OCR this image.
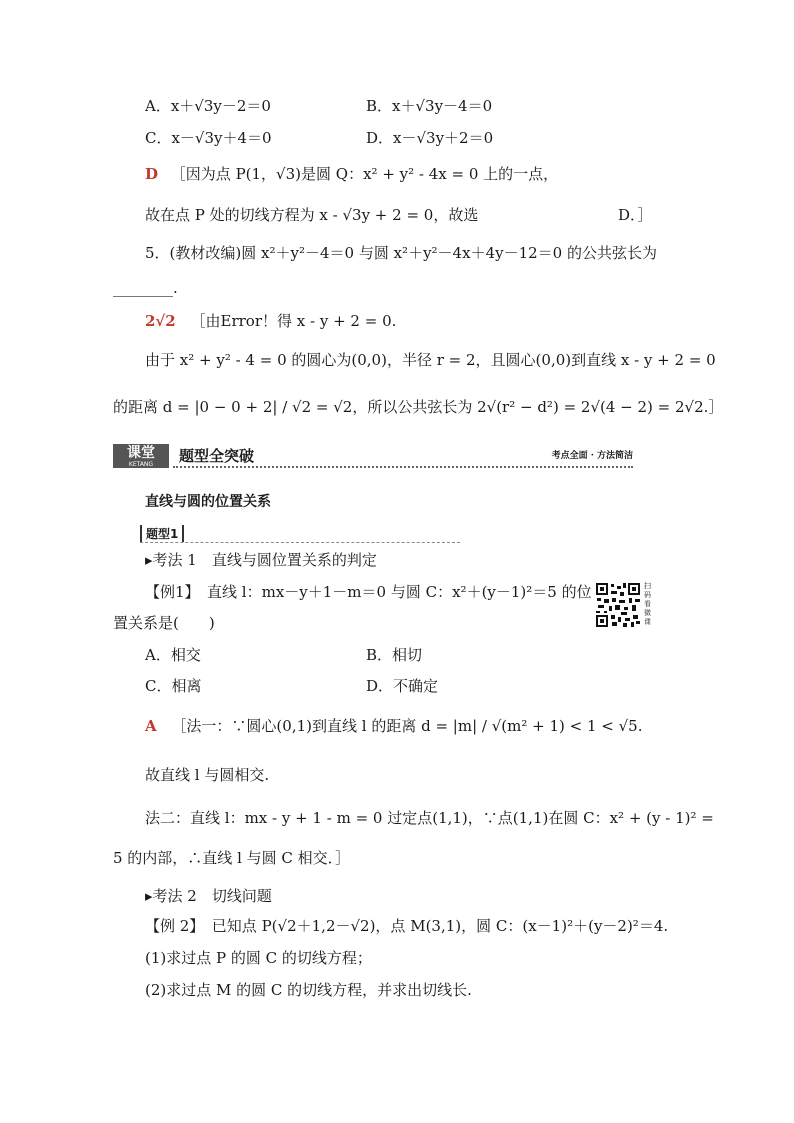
A．x＋√3y－2＝0	B．x＋√3y－4＝0
C．x－√3y＋4＝0	D．x－√3y＋2＝0
D ［因为点 P(1，√3)是圆 Q：x² + y² - 4x = 0 上的一点，
故在点 P 处的切线方程为 x - √3y + 2 = 0，故选	D．］
5．(教材改编)圆 x²＋y²－4＝0 与圆 x²＋y²－4x＋4y－12＝0 的公共弦长为
________.
2√2 ［由Error！得 x - y + 2 = 0.
由于 x² + y² - 4 = 0 的圆心为(0,0)，半径 r = 2，且圆心(0,0)到直线 x - y + 2 = 0
的距离 d = |0 − 0 + 2| / √2 = √2，所以公共弦长为 2√(r² − d²) = 2√(4 − 2) = 2√2.］
课堂
KETANG	题型全突破	考点全面 · 方法简洁
直线与圆的位置关系
题型1
▸考法 1　直线与圆位置关系的判定
【例1】　直线 l：mx－y＋1－m＝0 与圆 C：x²＋(y－1)²＝5 的位
置关系是(　　)
扫码看微课
A．相交	B．相切
C．相离	D．不确定
A ［法一：∵圆心(0,1)到直线 l 的距离 d = |m| / √(m² + 1) < 1 < √5.
故直线 l 与圆相交.
法二：直线 l：mx - y + 1 - m = 0 过定点(1,1)，∵点(1,1)在圆 C：x² + (y - 1)² =
5 的内部，∴直线 l 与圆 C 相交．］
▸考法 2　切线问题
【例 2】　已知点 P(√2＋1,2－√2)，点 M(3,1)，圆 C：(x－1)²＋(y－2)²＝4.
(1)求过点 P 的圆 C 的切线方程；
(2)求过点 M 的圆 C 的切线方程，并求出切线长.
